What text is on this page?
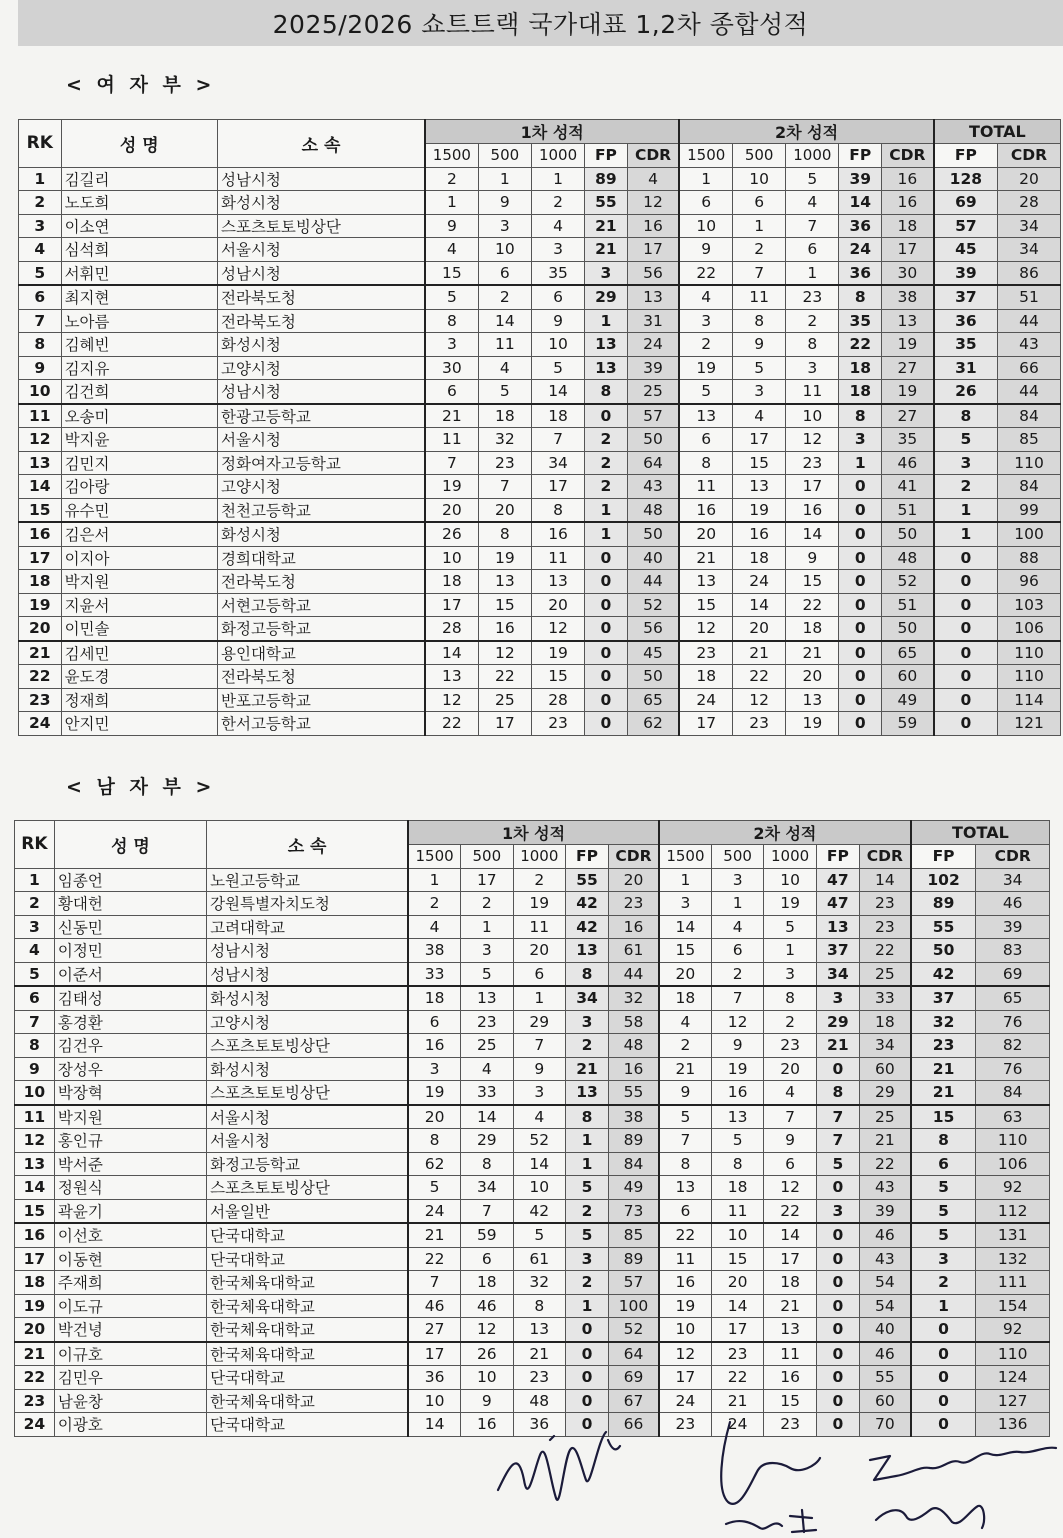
2025/2026 쇼트트랙 국가대표 1,2차 종합성적
< 여 자 부 >
RK	성 명	소 속	1차 성적					2차 성적					TOTAL	
			1500	500	1000	FP	CDR	1500	500	1000	FP	CDR	FP	CDR
1	김길리	성남시청	2	1	1	89	4	1	10	5	39	16	128	20
2	노도희	화성시청	1	9	2	55	12	6	6	4	14	16	69	28
3	이소연	스포츠토토빙상단	9	3	4	21	16	10	1	7	36	18	57	34
4	심석희	서울시청	4	10	3	21	17	9	2	6	24	17	45	34
5	서휘민	성남시청	15	6	35	3	56	22	7	1	36	30	39	86
6	최지현	전라북도청	5	2	6	29	13	4	11	23	8	38	37	51
7	노아름	전라북도청	8	14	9	1	31	3	8	2	35	13	36	44
8	김혜빈	화성시청	3	11	10	13	24	2	9	8	22	19	35	43
9	김지유	고양시청	30	4	5	13	39	19	5	3	18	27	31	66
10	김건희	성남시청	6	5	14	8	25	5	3	11	18	19	26	44
11	오송미	한광고등학교	21	18	18	0	57	13	4	10	8	27	8	84
12	박지윤	서울시청	11	32	7	2	50	6	17	12	3	35	5	85
13	김민지	정화여자고등학교	7	23	34	2	64	8	15	23	1	46	3	110
14	김아랑	고양시청	19	7	17	2	43	11	13	17	0	41	2	84
15	유수민	천천고등학교	20	20	8	1	48	16	19	16	0	51	1	99
16	김은서	화성시청	26	8	16	1	50	20	16	14	0	50	1	100
17	이지아	경희대학교	10	19	11	0	40	21	18	9	0	48	0	88
18	박지원	전라북도청	18	13	13	0	44	13	24	15	0	52	0	96
19	지윤서	서현고등학교	17	15	20	0	52	15	14	22	0	51	0	103
20	이민솔	화정고등학교	28	16	12	0	56	12	20	18	0	50	0	106
21	김세민	용인대학교	14	12	19	0	45	23	21	21	0	65	0	110
22	윤도경	전라북도청	13	22	15	0	50	18	22	20	0	60	0	110
23	정재희	반포고등학교	12	25	28	0	65	24	12	13	0	49	0	114
24	안지민	한서고등학교	22	17	23	0	62	17	23	19	0	59	0	121
< 남 자 부 >
RK	성 명	소 속	1차 성적					2차 성적					TOTAL	
			1500	500	1000	FP	CDR	1500	500	1000	FP	CDR	FP	CDR
1	임종언	노원고등학교	1	17	2	55	20	1	3	10	47	14	102	34
2	황대헌	강원특별자치도청	2	2	19	42	23	3	1	19	47	23	89	46
3	신동민	고려대학교	4	1	11	42	16	14	4	5	13	23	55	39
4	이정민	성남시청	38	3	20	13	61	15	6	1	37	22	50	83
5	이준서	성남시청	33	5	6	8	44	20	2	3	34	25	42	69
6	김태성	화성시청	18	13	1	34	32	18	7	8	3	33	37	65
7	홍경환	고양시청	6	23	29	3	58	4	12	2	29	18	32	76
8	김건우	스포츠토토빙상단	16	25	7	2	48	2	9	23	21	34	23	82
9	장성우	화성시청	3	4	9	21	16	21	19	20	0	60	21	76
10	박장혁	스포츠토토빙상단	19	33	3	13	55	9	16	4	8	29	21	84
11	박지원	서울시청	20	14	4	8	38	5	13	7	7	25	15	63
12	홍인규	서울시청	8	29	52	1	89	7	5	9	7	21	8	110
13	박서준	화정고등학교	62	8	14	1	84	8	8	6	5	22	6	106
14	정원식	스포츠토토빙상단	5	34	10	5	49	13	18	12	0	43	5	92
15	곽윤기	서울일반	24	7	42	2	73	6	11	22	3	39	5	112
16	이선호	단국대학교	21	59	5	5	85	22	10	14	0	46	5	131
17	이동현	단국대학교	22	6	61	3	89	11	15	17	0	43	3	132
18	주재희	한국체육대학교	7	18	32	2	57	16	20	18	0	54	2	111
19	이도규	한국체육대학교	46	46	8	1	100	19	14	21	0	54	1	154
20	박건녕	한국체육대학교	27	12	13	0	52	10	17	13	0	40	0	92
21	이규호	한국체육대학교	17	26	21	0	64	12	23	11	0	46	0	110
22	김민우	단국대학교	36	10	23	0	69	17	22	16	0	55	0	124
23	남윤창	한국체육대학교	10	9	48	0	67	24	21	15	0	60	0	127
24	이광호	단국대학교	14	16	36	0	66	23	24	23	0	70	0	136
